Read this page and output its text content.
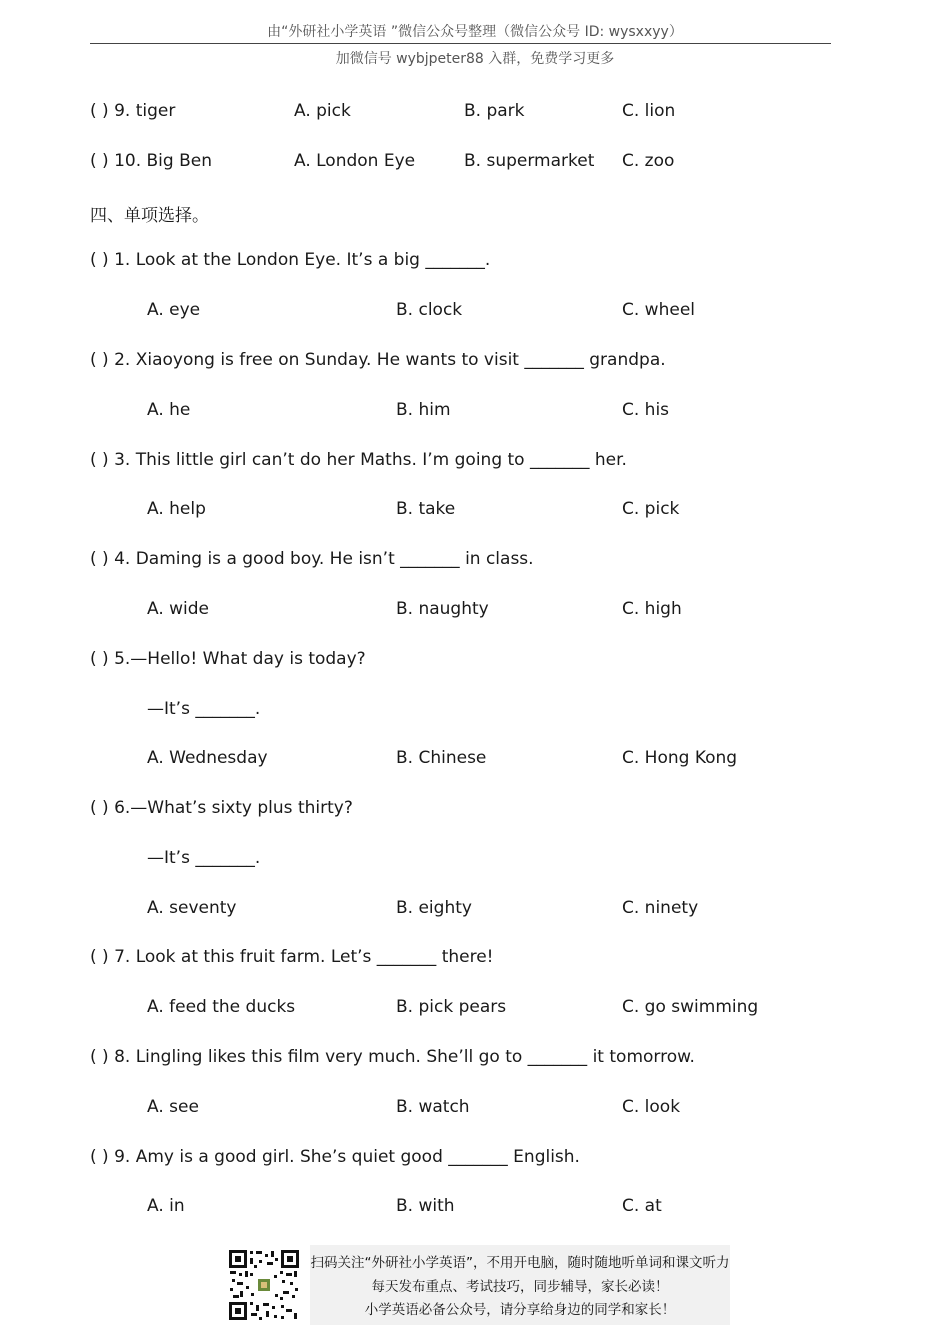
由“外研社小学英语 ”微信公众号整理（微信公众号 ID: wysxxyy）
加微信号 wybjpeter88 入群，免费学习更多
( ) 9. tiger	A. pick	B. park	C. lion
( ) 10. Big Ben	A. London Eye	B. supermarket C. zoo
四、单项选择。
( ) 1. Look at the London Eye. It’s a big _______.
A. eye	B. clock	C. wheel
( ) 2. Xiaoyong is free on Sunday. He wants to visit _______ grandpa.
A. he	B. him	C. his
( ) 3. This little girl can’t do her Maths. I’m going to _______ her.
A. help	B. take	C. pick
( ) 4. Daming is a good boy. He isn’t _______ in class.
A. wide	B. naughty	C. high
( ) 5.—Hello! What day is today?
—It’s _______.
A. Wednesday	B. Chinese	C. Hong Kong
( ) 6.—What’s sixty plus thirty?
—It’s _______.
A. seventy	B. eighty	C. ninety
( ) 7. Look at this fruit farm. Let’s _______ there!
A. feed the ducks	B. pick pears	C. go swimming
( ) 8. Lingling likes this film very much. She’ll go to _______ it tomorrow.
A. see	B. watch	C. look
( ) 9. Amy is a good girl. She’s quiet good _______ English.
A. in	B. with	C. at
扫码关注“外研社小学英语”，不用开电脑，随时随地听单词和课文听力
每天发布重点、考试技巧，同步辅导，家长必读！
小学英语必备公众号，请分享给身边的同学和家长！
